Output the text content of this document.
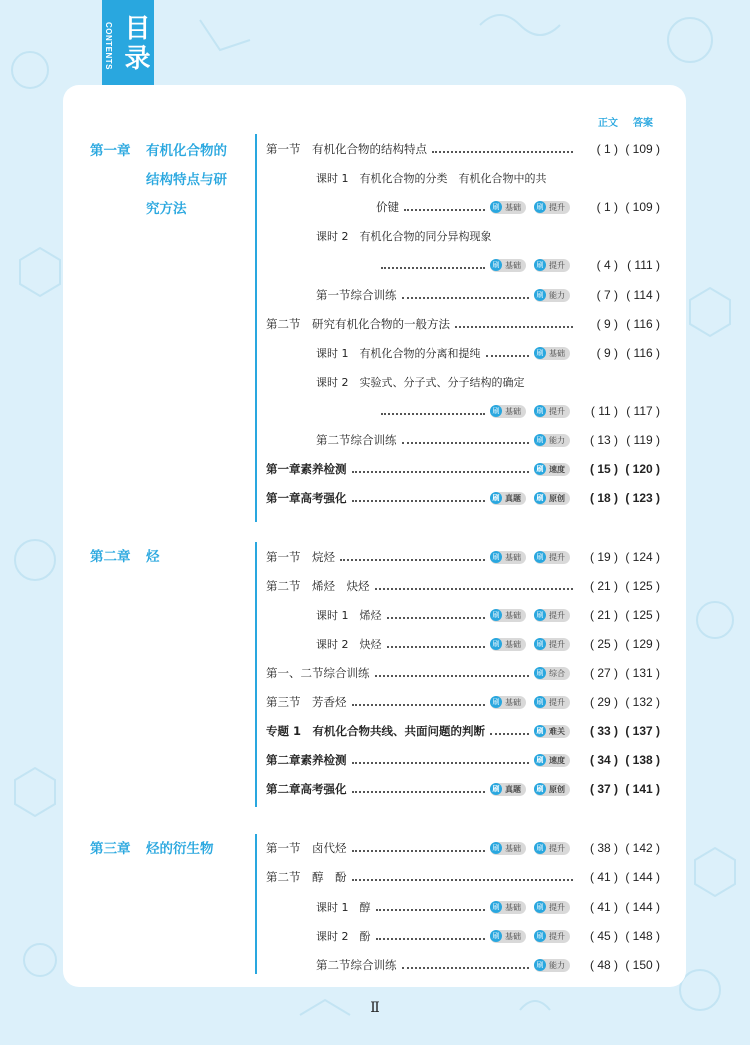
CONTENTS 目录
正文 答案
第一章 有机化合物的
结构特点与研
究方法
第二章 烃
第三章 烃的衍生物
第一节　有机化合物的结构特点	( 1 ) ( 109 )
课时 1　有机化合物的分类　有机化合物中的共
价键	刷 基础	刷 提升	( 1 ) ( 109 )
课时 2　有机化合物的同分异构现象
刷 基础	刷 提升	( 4 ) ( 111 )
第一节综合训练	刷 能力	( 7 ) ( 114 )
第二节　研究有机化合物的一般方法	( 9 ) ( 116 )
课时 1　有机化合物的分离和提纯	刷 基础	( 9 ) ( 116 )
课时 2　实验式、分子式、分子结构的确定
刷 基础	刷 提升	( 11 ) ( 117 )
第二节综合训练	刷 能力	( 13 ) ( 119 )
第一章素养检测	刷 速度	( 15 ) ( 120 )
第一章高考强化	刷 真题	刷 原创	( 18 ) ( 123 )
第一节　烷烃	刷 基础	刷 提升	( 19 ) ( 124 )
第二节　烯烃　炔烃	( 21 ) ( 125 )
课时 1　烯烃	刷 基础	刷 提升	( 21 ) ( 125 )
课时 2　炔烃	刷 基础	刷 提升	( 25 ) ( 129 )
第一、二节综合训练	刷 综合	( 27 ) ( 131 )
第三节　芳香烃	刷 基础	刷 提升	( 29 ) ( 132 )
专题 1　有机化合物共线、共面问题的判断	刷 难关	( 33 ) ( 137 )
第二章素养检测	刷 速度	( 34 ) ( 138 )
第二章高考强化	刷 真题	刷 原创	( 37 ) ( 141 )
第一节　卤代烃	刷 基础	刷 提升	( 38 ) ( 142 )
第二节　醇　酚	( 41 ) ( 144 )
课时 1　醇	刷 基础	刷 提升	( 41 ) ( 144 )
课时 2　酚	刷 基础	刷 提升	( 45 ) ( 148 )
第二节综合训练	刷 能力	( 48 ) ( 150 )
Ⅱ
